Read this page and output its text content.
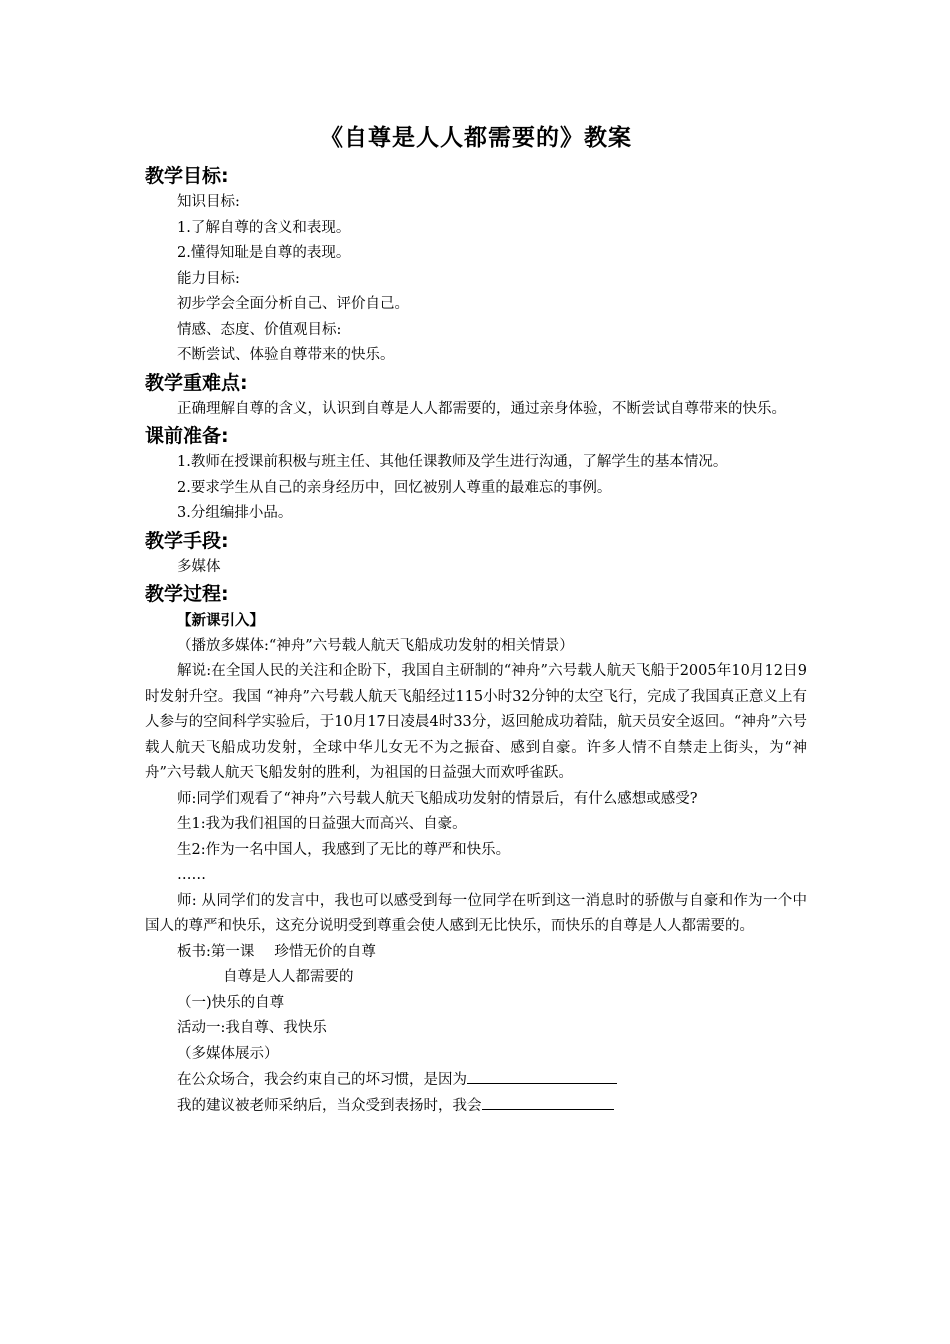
《自尊是人人都需要的》教案
教学目标:

知识目标:

1.了解自尊的含义和表现。

2.懂得知耻是自尊的表现。

能力目标:

初步学会全面分析自己、评价自己。

情感、态度、价值观目标:

不断尝试、体验自尊带来的快乐。

教学重难点:

正确理解自尊的含义，认识到自尊是人人都需要的，通过亲身体验，不断尝试自尊带来的快乐。

课前准备:

1.教师在授课前积极与班主任、其他任课教师及学生进行沟通，了解学生的基本情况。

2.要求学生从自己的亲身经历中，回忆被别人尊重的最难忘的事例。

3.分组编排小品。

教学手段:

多媒体

教学过程:

【新课引入】

（播放多媒体:“神舟”六号载人航天飞船成功发射的相关情景）

解说:在全国人民的关注和企盼下，我国自主研制的“神舟”六号载人航天飞船于2005年10月12日9时发射升空。我国 “神舟”六号载人航天飞船经过115小时32分钟的太空飞行，完成了我国真正意义上有人参与的空间科学实验后，于10月17日凌晨4时33分，返回舱成功着陆，航天员安全返回。“神舟”六号载人航天飞船成功发射，全球中华儿女无不为之振奋、感到自豪。许多人情不自禁走上街头，为“神舟”六号载人航天飞船发射的胜利，为祖国的日益强大而欢呼雀跃。

师:同学们观看了“神舟”六号载人航天飞船成功发射的情景后，有什么感想或感受?

生1:我为我们祖国的日益强大而高兴、自豪。

生2:作为一名中国人，我感到了无比的尊严和快乐。

……

师: 从同学们的发言中，我也可以感受到每一位同学在听到这一消息时的骄傲与自豪和作为一个中国人的尊严和快乐，这充分说明受到尊重会使人感到无比快乐，而快乐的自尊是人人都需要的。

板书:第一课 珍惜无价的自尊

自尊是人人都需要的

（一)快乐的自尊

活动一:我自尊、我快乐

（多媒体展示）

在公众场合，我会约束自己的坏习惯，是因为

我的建议被老师采纳后，当众受到表扬时，我会
